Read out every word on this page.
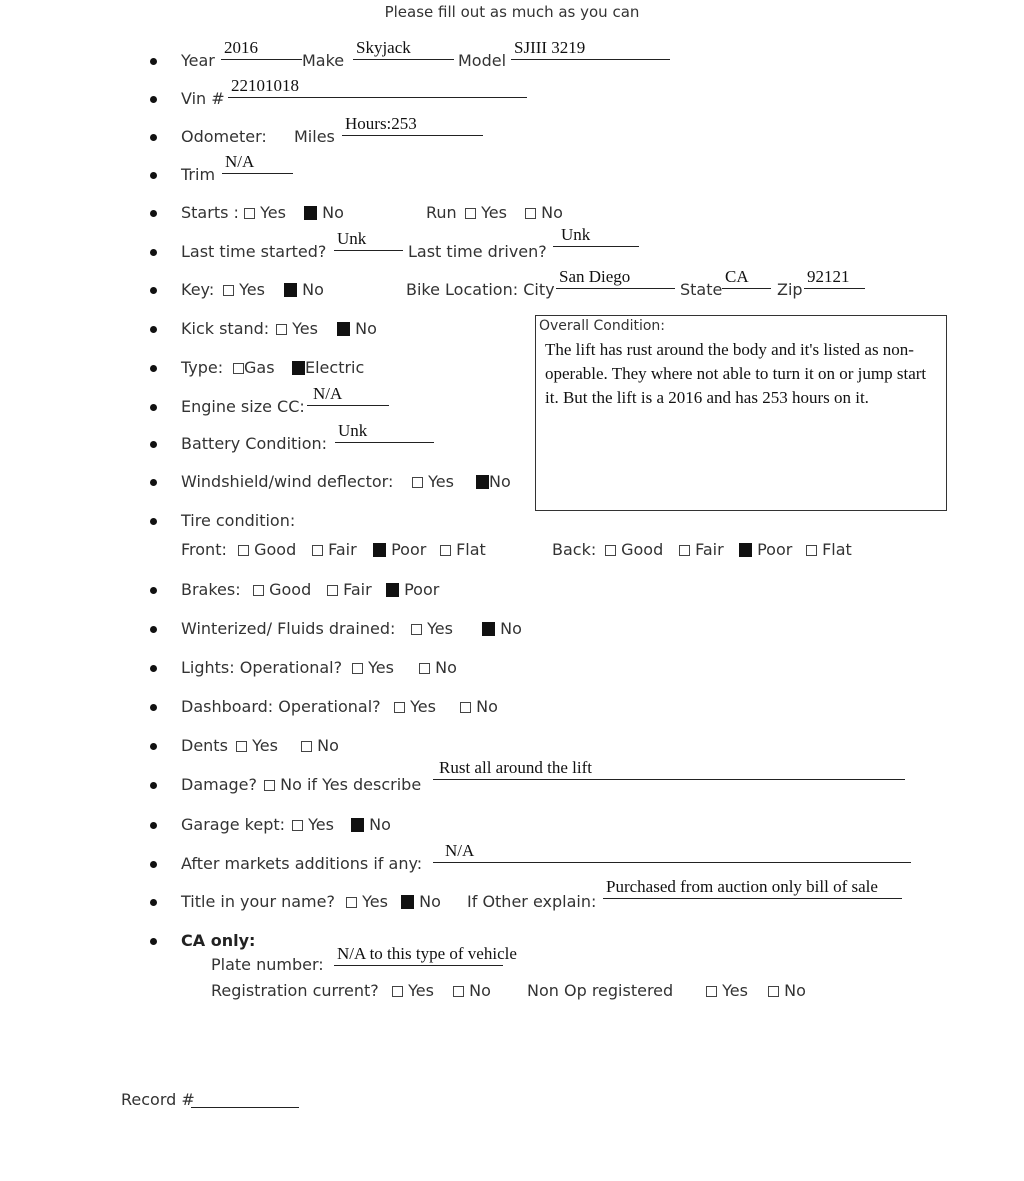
Please fill out as much as you can
Year
2016
Make
Skyjack
Model
SJIII 3219
Vin #
22101018
Odometer: Miles
Hours:253
Trim
N/A
Starts :	Yes	No	Run	Yes	No
Last time started?
Unk
Last time driven?
Unk
Key:	Yes	No	Bike Location: City
San Diego
State
CA
Zip
92121
Kick stand:	Yes	No
Type:	Gas	Electric
Engine size CC:
N/A
Battery Condition:
Unk
Windshield/wind deflector:	Yes	No
Overall Condition:
The lift has rust around the body and it's listed as non-operable. They where not able to turn it on or jump start it. But the lift is a 2016 and has 253 hours on it.
Tire condition:
Front:	Good	Fair	Poor	Flat	Back:	Good	Fair	Poor	Flat
Brakes:	Good	Fair	Poor
Winterized/ Fluids drained:	Yes	No
Lights: Operational?	Yes	No
Dashboard: Operational?	Yes	No
Dents	Yes	No
Damage?	No if Yes describe
Rust all around the lift
Garage kept:	Yes	No
After markets additions if any:
N/A
Title in your name?	Yes	No If Other explain:
Purchased from auction only bill of sale
CA only:
Plate number:
N/A to this type of vehicle
Registration current?	Yes	No Non Op registered	Yes	No
Record #
